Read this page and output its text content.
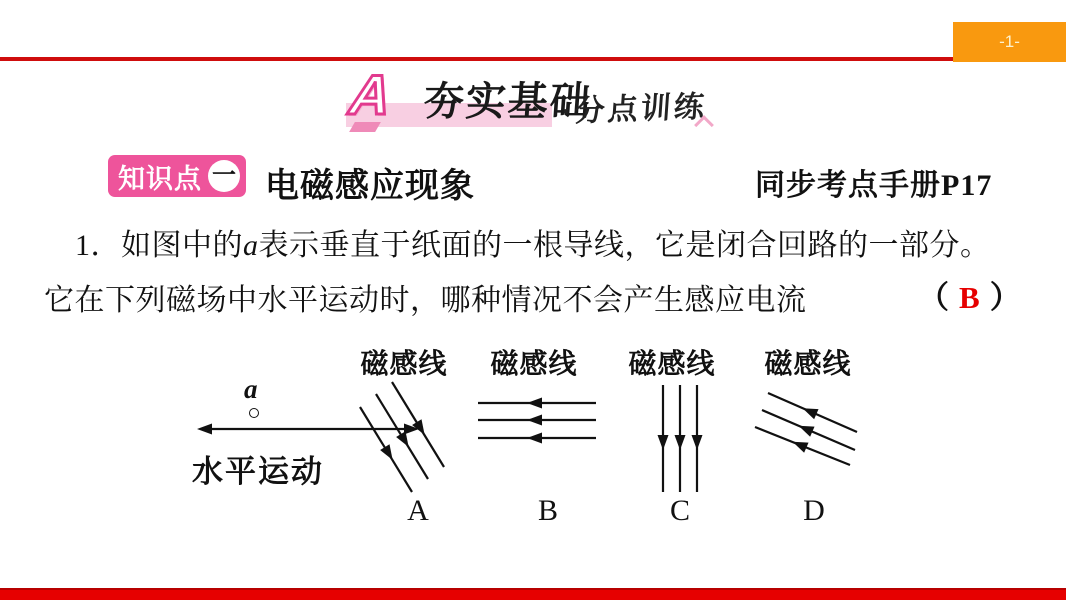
-1-
A 夯实基础
·分点训练
知识点 一 电磁感应现象	同步考点手册P17
1．如图中的a表示垂直于纸面的一根导线，它是闭合回路的一部分。
它在下列磁场中水平运动时，哪种情况不会产生感应电流	（ B ）
a
水平运动
磁感线
A
磁感线
B
磁感线
C
磁感线
D
